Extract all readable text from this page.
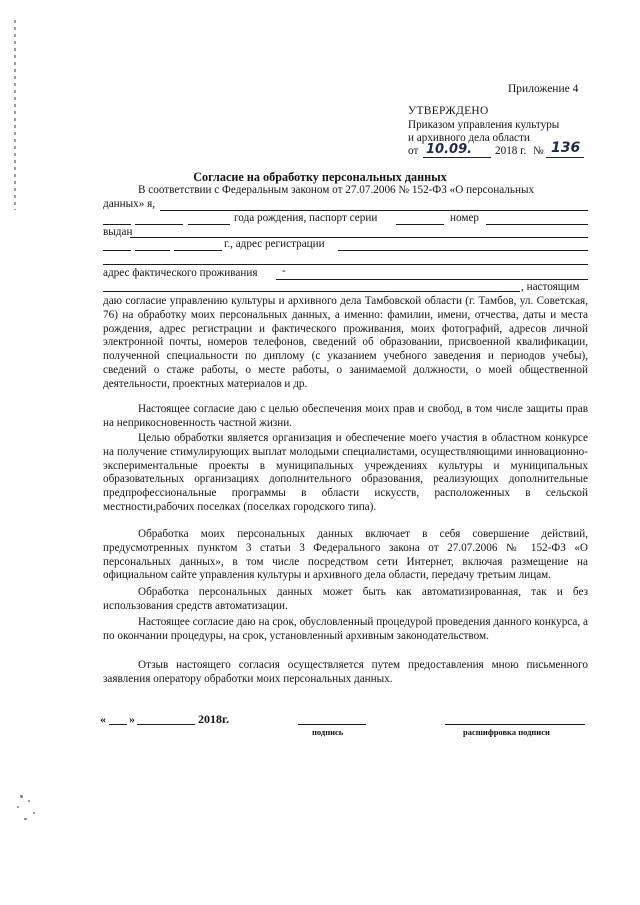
Приложение 4
УТВЕРЖДЕНО
Приказом управления культуры
и архивного дела области
от 10.09. 2018 г. № 136
Согласие на обработку персональных данных
В соответствии с Федеральным законом от 27.07.2006 № 152-ФЗ «О персональных
данных» я,
года рождения, паспорт серии	номер
выдан
г., адрес регистрации
адрес фактического проживания -
, настоящим
даю согласие управлению культуры и архивного дела Тамбовской области (г. Тамбов, ул. Советская, 76) на обработку моих персональных данных, а именно: фамилии, имени, отчества, даты и места рождения, адрес регистрации и фактического проживания, моих фотографий, адресов личной электронной почты, номеров телефонов, сведений об образовании, присвоенной квалификации, полученной специальности по диплому (с указанием учебного заведения и периодов учебы), сведений о стаже работы, о месте работы, о занимаемой должности, о моей общественной деятельности, проектных материалов и др.
Настоящее согласие даю с целью обеспечения моих прав и свобод, в том числе защиты прав на неприкосновенность частной жизни.
Целью обработки является организация и обеспечение моего участия в областном конкурсе на получение стимулирующих выплат молодыми специалистами, осуществляющими инновационно-экспериментальные проекты в муниципальных учреждениях культуры и муниципальных образовательных организациях дополнительного образования, реализующих дополнительные предпрофессиональные программы в области искусств, расположенных в сельской местности,рабочих поселках (поселках городского типа).
Обработка моих персональных данных включает в себя совершение действий, предусмотренных пунктом 3 статьи 3 Федерального закона от 27.07.2006 № 152-ФЗ «О персональных данных», в том числе посредством сети Интернет, включая размещение на официальном сайте управления культуры и архивного дела области, передачу третьим лицам.
Обработка персональных данных может быть как автоматизированная, так и без использования средств автоматизации.
Настоящее согласие даю на срок, обусловленный процедурой проведения данного конкурса, а по окончании процедуры, на срок, установленный архивным законодательством.
Отзыв настоящего согласия осуществляется путем предоставления мною письменного заявления оператору обработки моих персональных данных.
« »	2018г.
подпись	расшифровка подписи
